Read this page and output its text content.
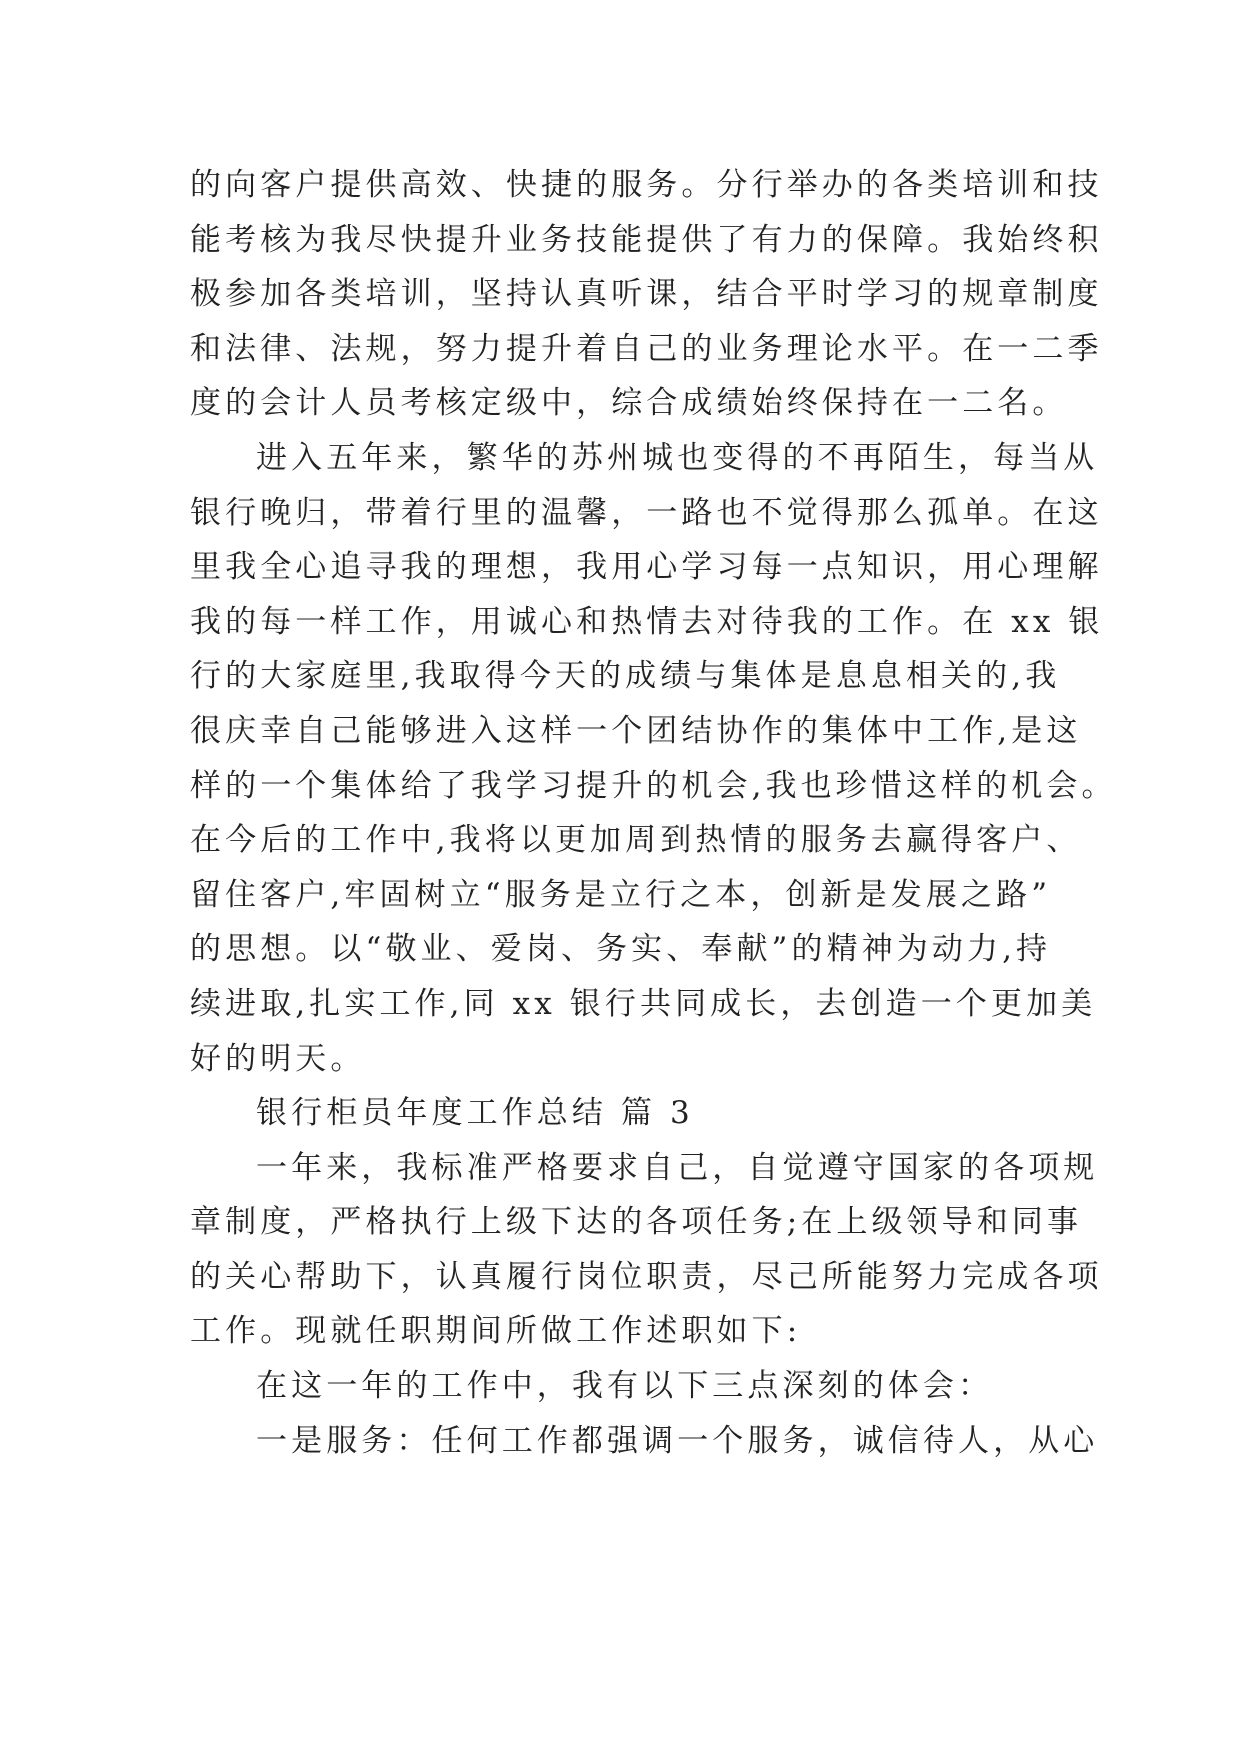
的向客户提供高效、快捷的服务。分行举办的各类培训和技
能考核为我尽快提升业务技能提供了有力的保障。我始终积
极参加各类培训，坚持认真听课，结合平时学习的规章制度
和法律、法规，努力提升着自己的业务理论水平。在一二季
度的会计人员考核定级中，综合成绩始终保持在一二名。
进入五年来，繁华的苏州城也变得的不再陌生，每当从
银行晚归，带着行里的温馨，一路也不觉得那么孤单。在这
里我全心追寻我的理想，我用心学习每一点知识，用心理解
我的每一样工作，用诚心和热情去对待我的工作。在 xx 银
行的大家庭里,我取得今天的成绩与集体是息息相关的,我
很庆幸自己能够进入这样一个团结协作的集体中工作,是这
样的一个集体给了我学习提升的机会,我也珍惜这样的机会。
在今后的工作中,我将以更加周到热情的服务去赢得客户、
留住客户,牢固树立“服务是立行之本，创新是发展之路”
的思想。以“敬业、爱岗、务实、奉献”的精神为动力,持
续进取,扎实工作,同 xx 银行共同成长，去创造一个更加美
好的明天。
银行柜员年度工作总结 篇 3
一年来，我标准严格要求自己，自觉遵守国家的各项规
章制度，严格执行上级下达的各项任务;在上级领导和同事
的关心帮助下，认真履行岗位职责，尽己所能努力完成各项
工作。现就任职期间所做工作述职如下:
在这一年的工作中，我有以下三点深刻的体会：
一是服务：任何工作都强调一个服务，诚信待人，从心
